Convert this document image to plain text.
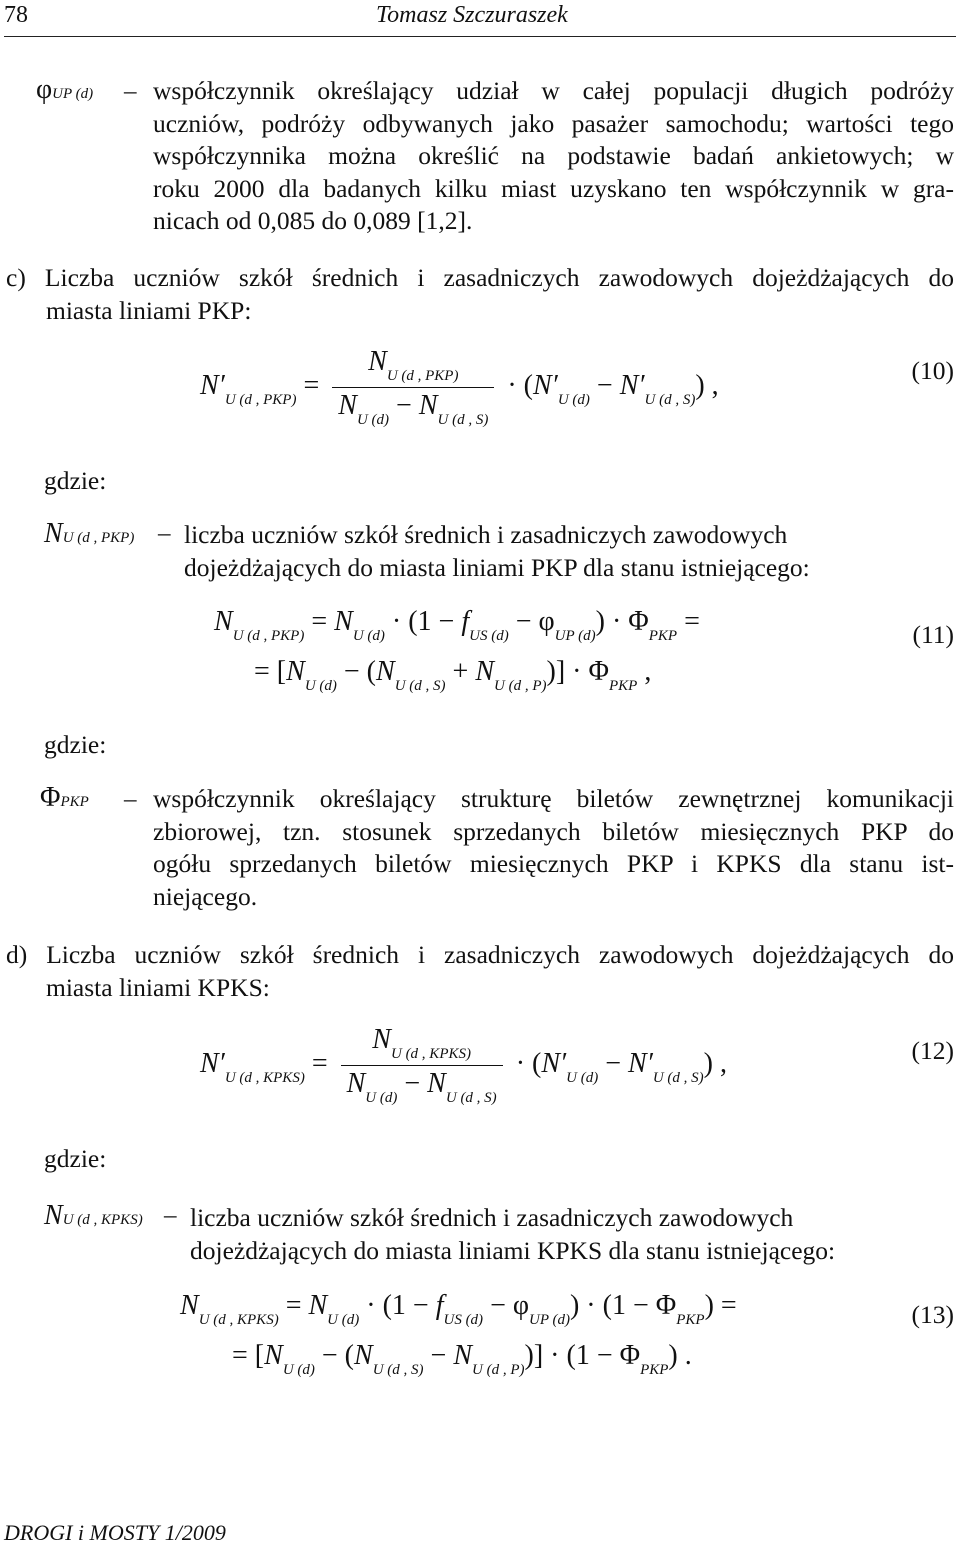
78	Tomasz Szczuraszek
φUP (d) – współczynnik określający udział w całej populacji długich podróży
uczniów, podróży odbywanych jako pasażer samochodu; wartości tego
współczynnika można określić na podstawie badań ankietowych; w
roku 2000 dla badanych kilku miast uzyskano ten współczynnik w gra-
nicach od 0,085 do 0,089 [1,2].
c) Liczba uczniów szkół średnich i zasadniczych zawodowych dojeżdżających do
miasta liniami PKP:
$N'_{U (d , PKP)} = \frac{N_{U (d , PKP)}}{N_{U (d)} - N_{U (d , S)}} \cdot (N'_{U (d)} - N'_{U (d , S)})$ ,	(10)
gdzie:
NU (d , PKP) – liczba uczniów szkół średnich i zasadniczych zawodowych
dojeżdżających do miasta liniami PKP dla stanu istniejącego:
$N_{U (d , PKP)} = N_{U (d)} \cdot (1 - f_{US (d)} - \varphi_{UP (d)}) \cdot \Phi_{PKP}$ =
= $[N_{U (d)} - (N_{U (d , S)} + N_{U (d , P)})] \cdot \Phi_{PKP}$ ,
(11)
gdzie:
ΦPKP – współczynnik określający strukturę biletów zewnętrznej komunikacji
zbiorowej, tzn. stosunek sprzedanych biletów miesięcznych PKP do
ogółu sprzedanych biletów miesięcznych PKP i KPKS dla stanu ist-
niejącego.
d) Liczba uczniów szkół średnich i zasadniczych zawodowych dojeżdżających do
miasta liniami KPKS:
$N'_{U (d , KPKS)} = \frac{N_{U (d , KPKS)}}{N_{U (d)} - N_{U (d , S)}} \cdot (N'_{U (d)} - N'_{U (d , S)})$ ,	(12)
gdzie:
NU (d , KPKS) – liczba uczniów szkół średnich i zasadniczych zawodowych
dojeżdżających do miasta liniami KPKS dla stanu istniejącego:
$N_{U (d , KPKS)} = N_{U (d)} \cdot (1 - f_{US (d)} - \varphi_{UP (d)}) \cdot (1 - \Phi_{PKP})$ =
= $[N_{U (d)} - (N_{U (d , S)} - N_{U (d , P)})] \cdot (1 - \Phi_{PKP})$ .
(13)
DROGI i MOSTY 1/2009
